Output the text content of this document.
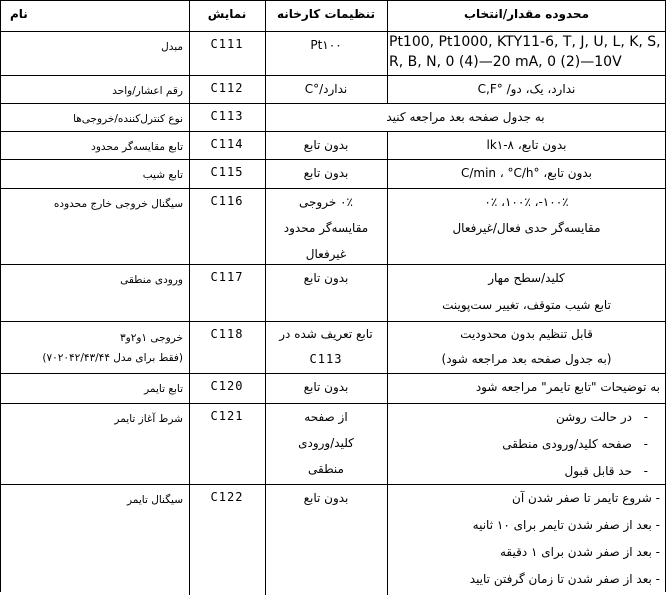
محدوده مقدار/انتخاب
تنظیمات کارخانه
نمایش
نام
Pt100, Pt1000, KTY11-6, T, J, U, L, K, S, R, B, N, 0 (4)—20 mA, 0 (2)—10V
Pt۱۰۰
C111
مبدل
ندارد، یک، دو/ °C,F
ندارد/°C
C112
رقم اعشار/واحد
به جدول صفحه بعد مراجعه کنید
C113
نوع کنترل‌کننده/خروجی‌ها
بدون تابع، lk۱-۸
بدون تابع
C114
تابع مقایسه‌گر محدود
بدون تابع، °C/min ، °C/h
بدون تابع
C115
تابع شیب
۱۰۰٪-، ۱۰۰٪، ۰٪
مقایسه‌گر حدی فعال/غیرفعال
۰٪ خروجی
مقایسه‌گر محدود
غیرفعال
C116
سیگنال خروجی خارج محدوده
کلید/سطح مهار
تابع شیب متوقف، تغییر ست‌پوینت
بدون تابع
C117
ورودی منطقی
قابل تنظیم بدون محدودیت
(به جدول صفحه بعد مراجعه شود)
تابع تعریف شده در
C113
C118
خروجی ۱و۲و۳
(فقط برای مدل ۷۰۲۰۴۲/۴۳/۴۴)
به توضیحات "تابع تایمر" مراجعه شود
بدون تابع
C120
تابع تایمر
-
در حالت روشن
-
صفحه کلید/ورودی منطقی
-
حد قابل قبول
از صفحه
کلید/ورودی
منطقی
C121
شرط آغاز تایمر
- شروع تایمر تا صفر شدن آن
- بعد از صفر شدن تایمر برای ۱۰ ثانیه
- بعد از صفر شدن برای ۱ دقیقه
- بعد از صفر شدن تا زمان گرفتن تایید
بدون تابع
C122
سیگنال تایمر
